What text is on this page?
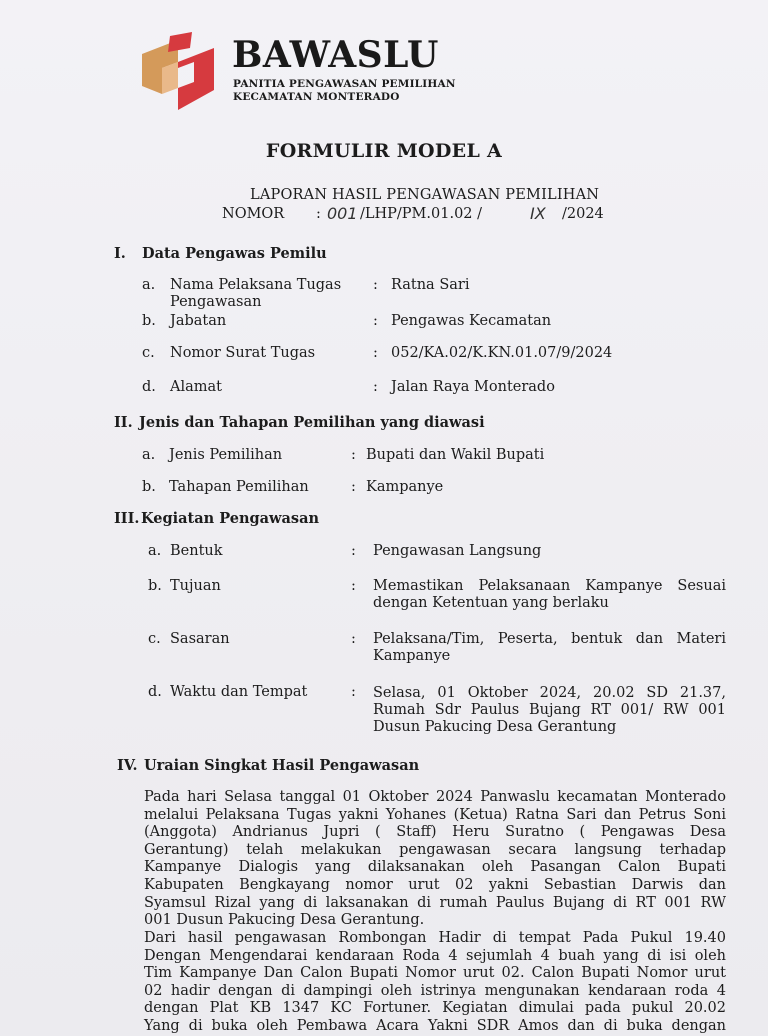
BAWASLU
PANITIA PENGAWASAN PEMILIHAN
KECAMATAN MONTERADO
FORMULIR MODEL A
LAPORAN HASIL PENGAWASAN PEMILIHAN
NOMOR : 001 /LHP/PM.01.02 /	IX /2024
I. Data Pengawas Pemilu
a. Nama Pelaksana Tugas
Pengawasan
: Ratna Sari
b. Jabatan	: Pengawas Kecamatan
c. Nomor Surat Tugas	: 052/KA.02/K.KN.01.07/9/2024
d. Alamat	: Jalan Raya Monterado
II. Jenis dan Tahapan Pemilihan yang diawasi
a. Jenis Pemilihan	: Bupati dan Wakil Bupati
b. Tahapan Pemilihan	: Kampanye
III. Kegiatan Pengawasan
a. Bentuk	: Pengawasan Langsung
b. Tujuan	: Memastikan Pelaksanaan Kampanye Sesuai
dengan Ketentuan yang berlaku
c. Sasaran	: Pelaksana/Tim, Peserta, bentuk dan Materi
Kampanye
d. Waktu dan Tempat	: Selasa, 01 Oktober 2024, 20.02 SD 21.37,
Rumah Sdr Paulus Bujang RT 001/ RW 001
Dusun Pakucing Desa Gerantung
IV. Uraian Singkat Hasil Pengawasan
Pada hari Selasa tanggal 01 Oktober 2024 Panwaslu kecamatan Monterado
melalui Pelaksana Tugas yakni Yohanes (Ketua) Ratna Sari dan Petrus Soni
(Anggota) Andrianus Jupri ( Staff) Heru Suratno ( Pengawas Desa
Gerantung) telah melakukan pengawasan secara langsung terhadap
Kampanye Dialogis yang dilaksanakan oleh Pasangan Calon Bupati
Kabupaten Bengkayang nomor urut 02 yakni Sebastian Darwis dan
Syamsul Rizal yang di laksanakan di rumah Paulus Bujang di RT 001 RW
001 Dusun Pakucing Desa Gerantung.
Dari hasil pengawasan Rombongan Hadir di tempat Pada Pukul 19.40
Dengan Mengendarai kendaraan Roda 4 sejumlah 4 buah yang di isi oleh
Tim Kampanye Dan Calon Bupati Nomor urut 02. Calon Bupati Nomor urut
02 hadir dengan di dampingi oleh istrinya mengunakan kendaraan roda 4
dengan Plat KB 1347 KC Fortuner. Kegiatan dimulai pada pukul 20.02
Yang di buka oleh Pembawa Acara Yakni SDR Amos dan di buka dengan
